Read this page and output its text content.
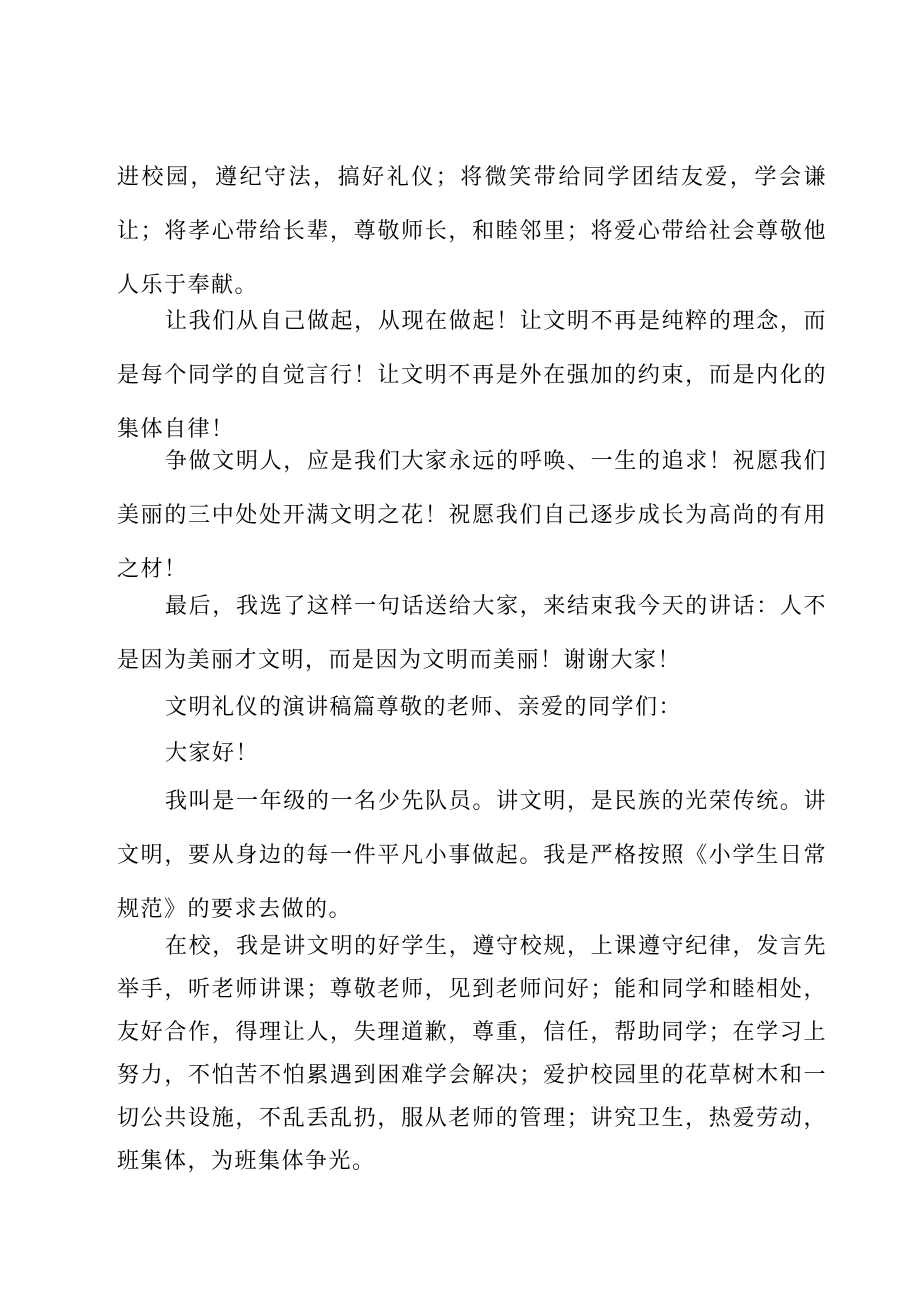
进校园，遵纪守法，搞好礼仪；将微笑带给同学团结友爱，学会谦让；将孝心带给长辈，尊敬师长，和睦邻里；将爱心带给社会尊敬他人乐于奉献。

让我们从自己做起，从现在做起！让文明不再是纯粹的理念，而是每个同学的自觉言行！让文明不再是外在强加的约束，而是内化的集体自律！

争做文明人，应是我们大家永远的呼唤、一生的追求！祝愿我们美丽的三中处处开满文明之花！祝愿我们自己逐步成长为高尚的有用之材！

最后，我选了这样一句话送给大家，来结束我今天的讲话：人不是因为美丽才文明，而是因为文明而美丽！谢谢大家！

文明礼仪的演讲稿篇尊敬的老师、亲爱的同学们：

大家好！

我叫是一年级的一名少先队员。讲文明，是民族的光荣传统。讲文明，要从身边的每一件平凡小事做起。我是严格按照《小学生日常规范》的要求去做的。

在校，我是讲文明的好学生，遵守校规，上课遵守纪律，发言先举手，听老师讲课；尊敬老师，见到老师问好；能和同学和睦相处，友好合作，得理让人，失理道歉，尊重，信任，帮助同学；在学习上努力，不怕苦不怕累遇到困难学会解决；爱护校园里的花草树木和一切公共设施，不乱丢乱扔，服从老师的管理；讲究卫生，热爱劳动，班集体，为班集体争光。
